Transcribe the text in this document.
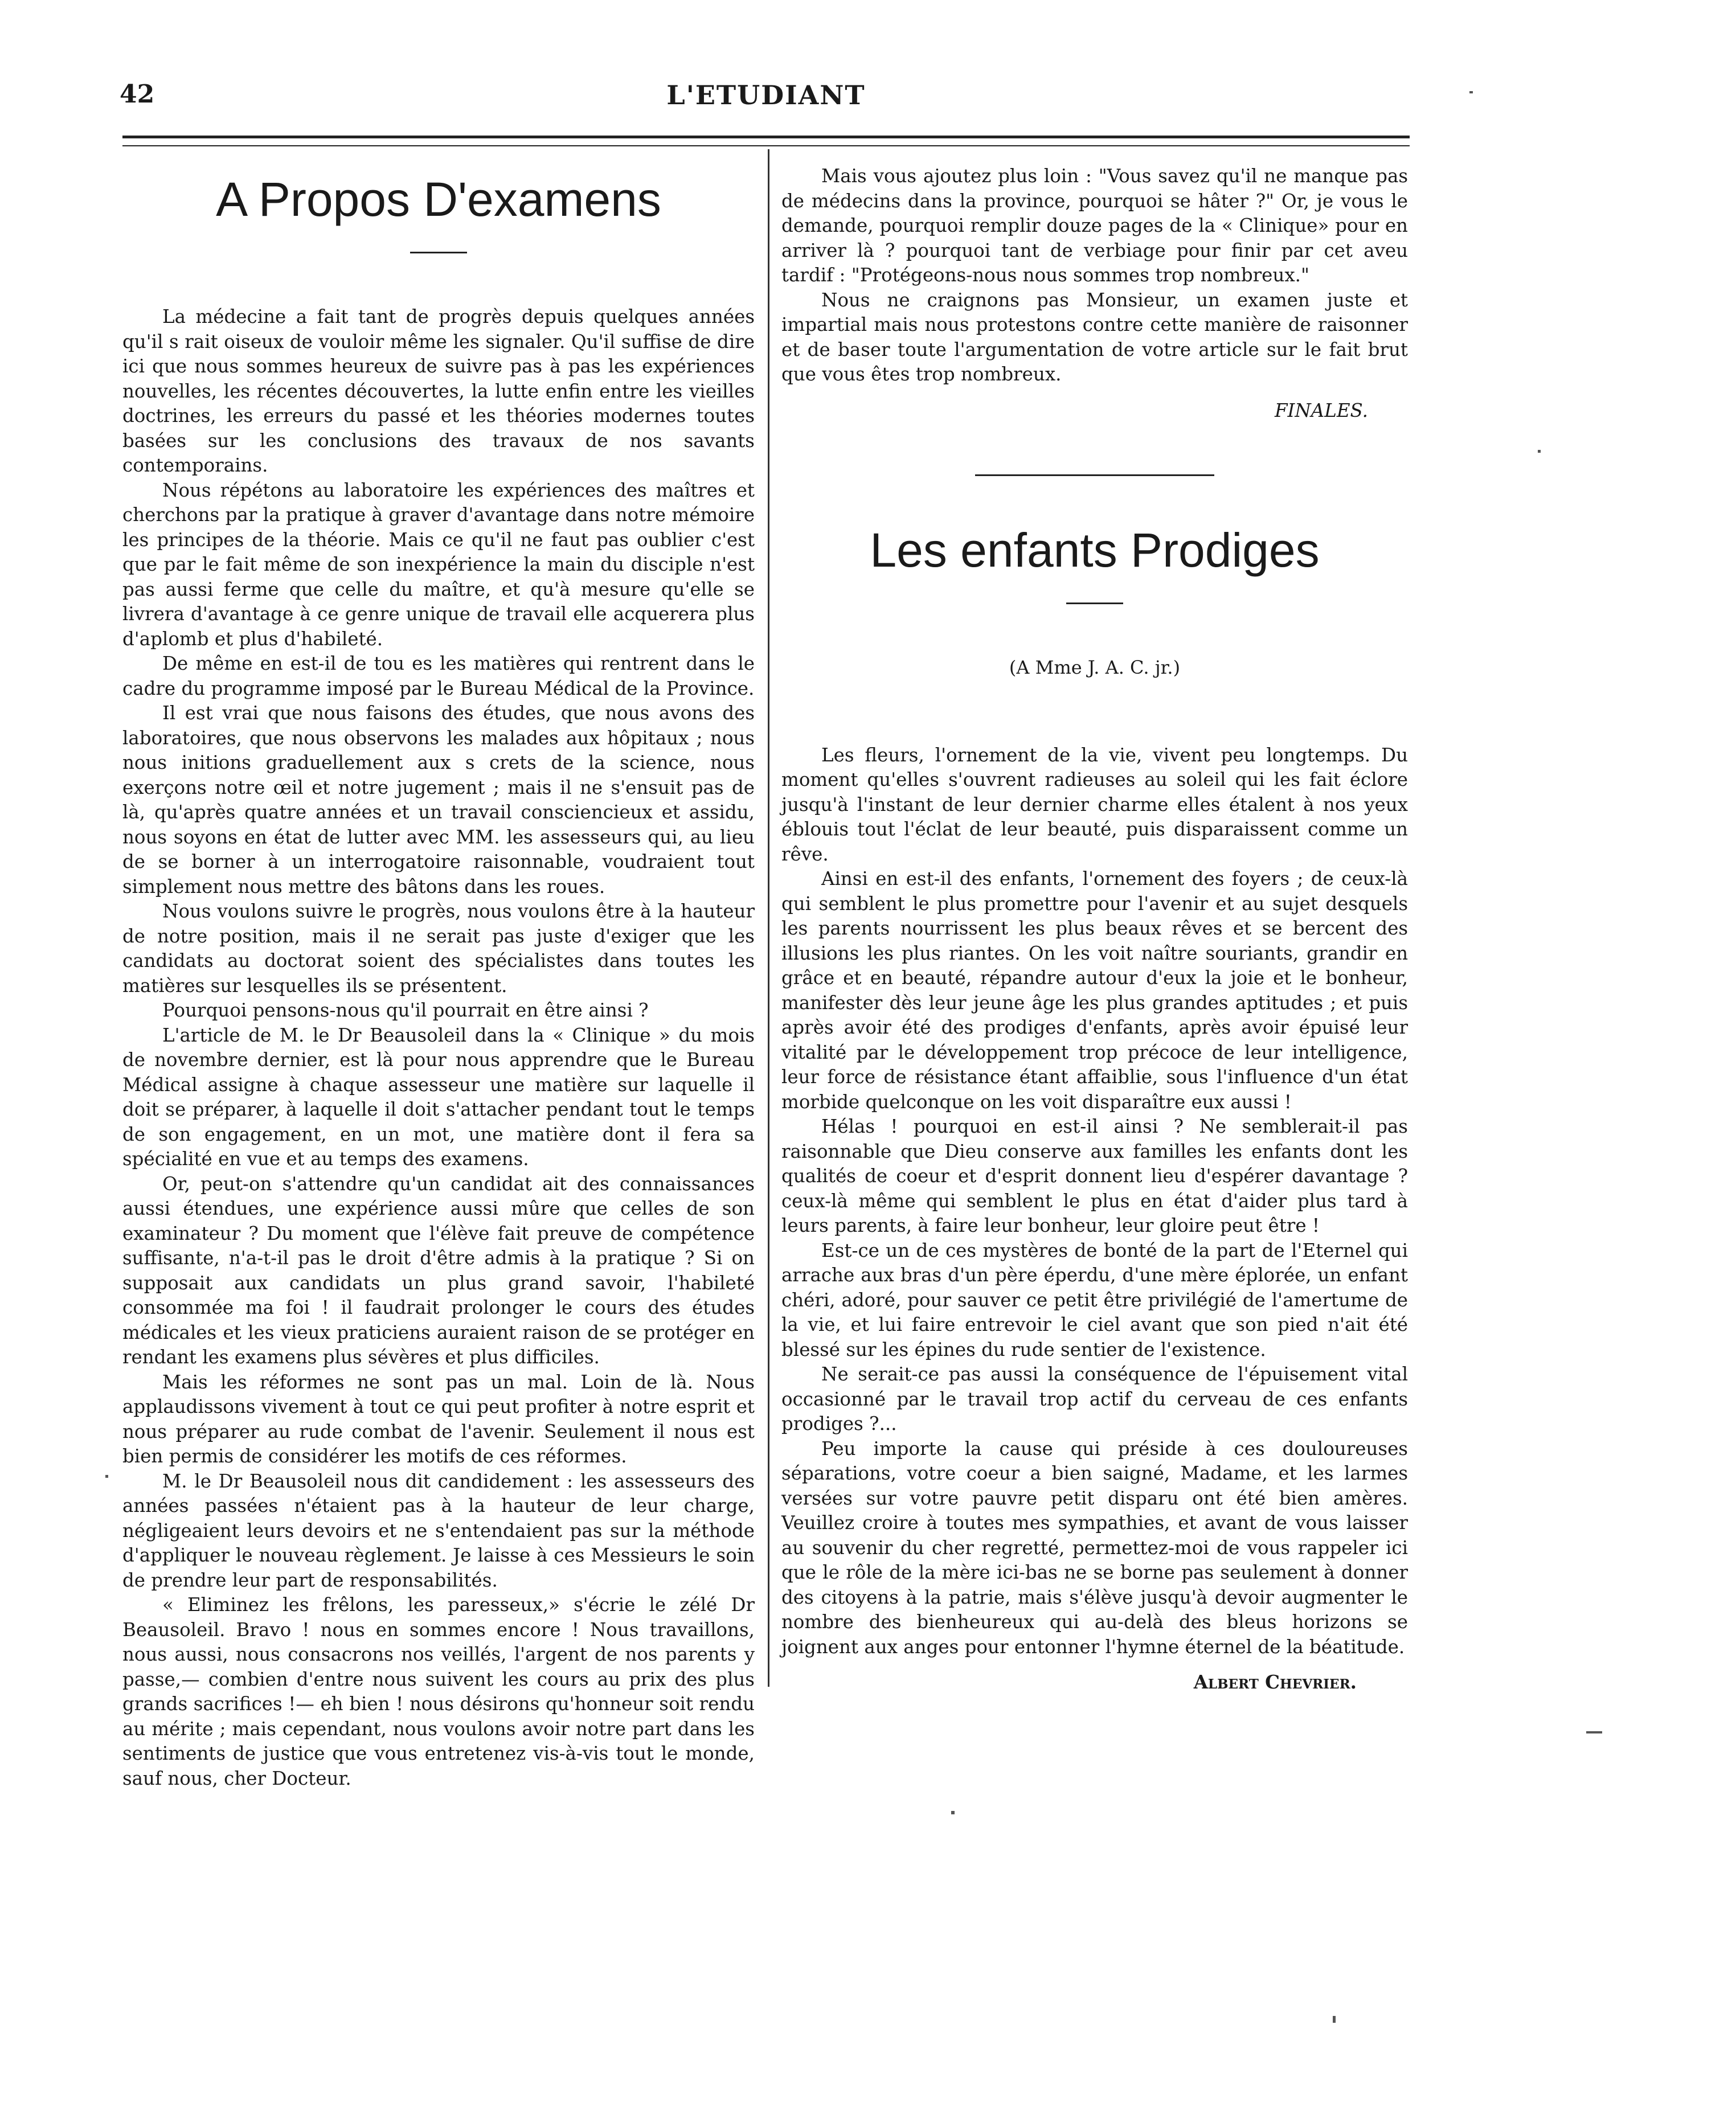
42	L'ETUDIANT
A Propos D'examens

La médecine a fait tant de progrès depuis quelques années qu'il s rait oiseux de vouloir même les signaler. Qu'il suffise de dire ici que nous sommes heureux de suivre pas à pas les expériences nouvelles, les récentes découvertes, la lutte enfin entre les vieilles doctrines, les erreurs du passé et les théories modernes toutes basées sur les conclusions des travaux de nos savants contemporains.

Nous répétons au laboratoire les expériences des maîtres et cherchons par la pratique à graver d'avantage dans notre mémoire les principes de la théorie. Mais ce qu'il ne faut pas oublier c'est que par le fait même de son inexpérience la main du disciple n'est pas aussi ferme que celle du maître, et qu'à mesure qu'elle se livrera d'avantage à ce genre unique de travail elle acquerera plus d'aplomb et plus d'habileté.

De même en est-il de tou es les matières qui rentrent dans le cadre du programme imposé par le Bureau Médical de la Province.

Il est vrai que nous faisons des études, que nous avons des laboratoires, que nous observons les malades aux hôpitaux ; nous nous initions graduellement aux s crets de la science, nous exerçons notre œil et notre jugement ; mais il ne s'ensuit pas de là, qu'après quatre années et un travail consciencieux et assidu, nous soyons en état de lutter avec MM. les assesseurs qui, au lieu de se borner à un interrogatoire raisonnable, voudraient tout simplement nous mettre des bâtons dans les roues.

Nous voulons suivre le progrès, nous voulons être à la hauteur de notre position, mais il ne serait pas juste d'exiger que les candidats au doctorat soient des spécialistes dans toutes les matières sur lesquelles ils se présentent.

Pourquoi pensons-nous qu'il pourrait en être ainsi ?

L'article de M. le Dr Beausoleil dans la « Clinique » du mois de novembre dernier, est là pour nous apprendre que le Bureau Médical assigne à chaque assesseur une matière sur laquelle il doit se préparer, à laquelle il doit s'attacher pendant tout le temps de son engagement, en un mot, une matière dont il fera sa spécialité en vue et au temps des examens.

Or, peut-on s'attendre qu'un candidat ait des connaissances aussi étendues, une expérience aussi mûre que celles de son examinateur ? Du moment que l'élève fait preuve de compétence suffisante, n'a-t-il pas le droit d'être admis à la pratique ? Si on supposait aux candidats un plus grand savoir, l'habileté consommée ma foi ! il faudrait prolonger le cours des études médicales et les vieux praticiens auraient raison de se protéger en rendant les examens plus sévères et plus difficiles.

Mais les réformes ne sont pas un mal. Loin de là. Nous applaudissons vivement à tout ce qui peut profiter à notre esprit et nous préparer au rude combat de l'avenir. Seulement il nous est bien permis de considérer les motifs de ces réformes.

M. le Dr Beausoleil nous dit candidement : les assesseurs des années passées n'étaient pas à la hauteur de leur charge, négligeaient leurs devoirs et ne s'entendaient pas sur la méthode d'appliquer le nouveau règlement. Je laisse à ces Messieurs le soin de prendre leur part de responsabilités.

« Eliminez les frêlons, les paresseux,» s'écrie le zélé Dr Beausoleil. Bravo ! nous en sommes encore ! Nous travaillons, nous aussi, nous consacrons nos veillés, l'argent de nos parents y passe,— combien d'entre nous suivent les cours au prix des plus grands sacrifices !— eh bien ! nous désirons qu'honneur soit rendu au mérite ; mais cependant, nous voulons avoir notre part dans les sentiments de justice que vous entretenez vis-à-vis tout le monde, sauf nous, cher Docteur.

Mais vous ajoutez plus loin : "Vous savez qu'il ne manque pas de médecins dans la province, pourquoi se hâter ?" Or, je vous le demande, pourquoi remplir douze pages de la « Clinique» pour en arriver là ? pourquoi tant de verbiage pour finir par cet aveu tardif : "Protégeons-nous nous sommes trop nombreux."

Nous ne craignons pas Monsieur, un examen juste et impartial mais nous protestons contre cette manière de raisonner et de baser toute l'argumentation de votre article sur le fait brut que vous êtes trop nombreux.

FINALES.
Les enfants Prodiges
(A Mme J. A. C. jr.)

Les fleurs, l'ornement de la vie, vivent peu longtemps. Du moment qu'elles s'ouvrent radieuses au soleil qui les fait éclore jusqu'à l'instant de leur dernier charme elles étalent à nos yeux éblouis tout l'éclat de leur beauté, puis disparaissent comme un rêve.

Ainsi en est-il des enfants, l'ornement des foyers ; de ceux-là qui semblent le plus promettre pour l'avenir et au sujet desquels les parents nourrissent les plus beaux rêves et se bercent des illusions les plus riantes. On les voit naître souriants, grandir en grâce et en beauté, répandre autour d'eux la joie et le bonheur, manifester dès leur jeune âge les plus grandes aptitudes ; et puis après avoir été des prodiges d'enfants, après avoir épuisé leur vitalité par le développement trop précoce de leur intelligence, leur force de résistance étant affaiblie, sous l'influence d'un état morbide quelconque on les voit disparaître eux aussi !

Hélas ! pourquoi en est-il ainsi ? Ne semblerait-il pas raisonnable que Dieu conserve aux familles les enfants dont les qualités de coeur et d'esprit donnent lieu d'espérer davantage ? ceux-là même qui semblent le plus en état d'aider plus tard à leurs parents, à faire leur bonheur, leur gloire peut être !

Est-ce un de ces mystères de bonté de la part de l'Eternel qui arrache aux bras d'un père éperdu, d'une mère éplorée, un enfant chéri, adoré, pour sauver ce petit être privilégié de l'amertume de la vie, et lui faire entrevoir le ciel avant que son pied n'ait été blessé sur les épines du rude sentier de l'existence.

Ne serait-ce pas aussi la conséquence de l'épuisement vital occasionné par le travail trop actif du cerveau de ces enfants prodiges ?...

Peu importe la cause qui préside à ces douloureuses séparations, votre coeur a bien saigné, Madame, et les larmes versées sur votre pauvre petit disparu ont été bien amères. Veuillez croire à toutes mes sympathies, et avant de vous laisser au souvenir du cher regretté, permettez-moi de vous rappeler ici que le rôle de la mère ici-bas ne se borne pas seulement à donner des citoyens à la patrie, mais s'élève jusqu'à devoir augmenter le nombre des bienheureux qui au-delà des bleus horizons se joignent aux anges pour entonner l'hymne éternel de la béatitude.

Albert Chevrier.
